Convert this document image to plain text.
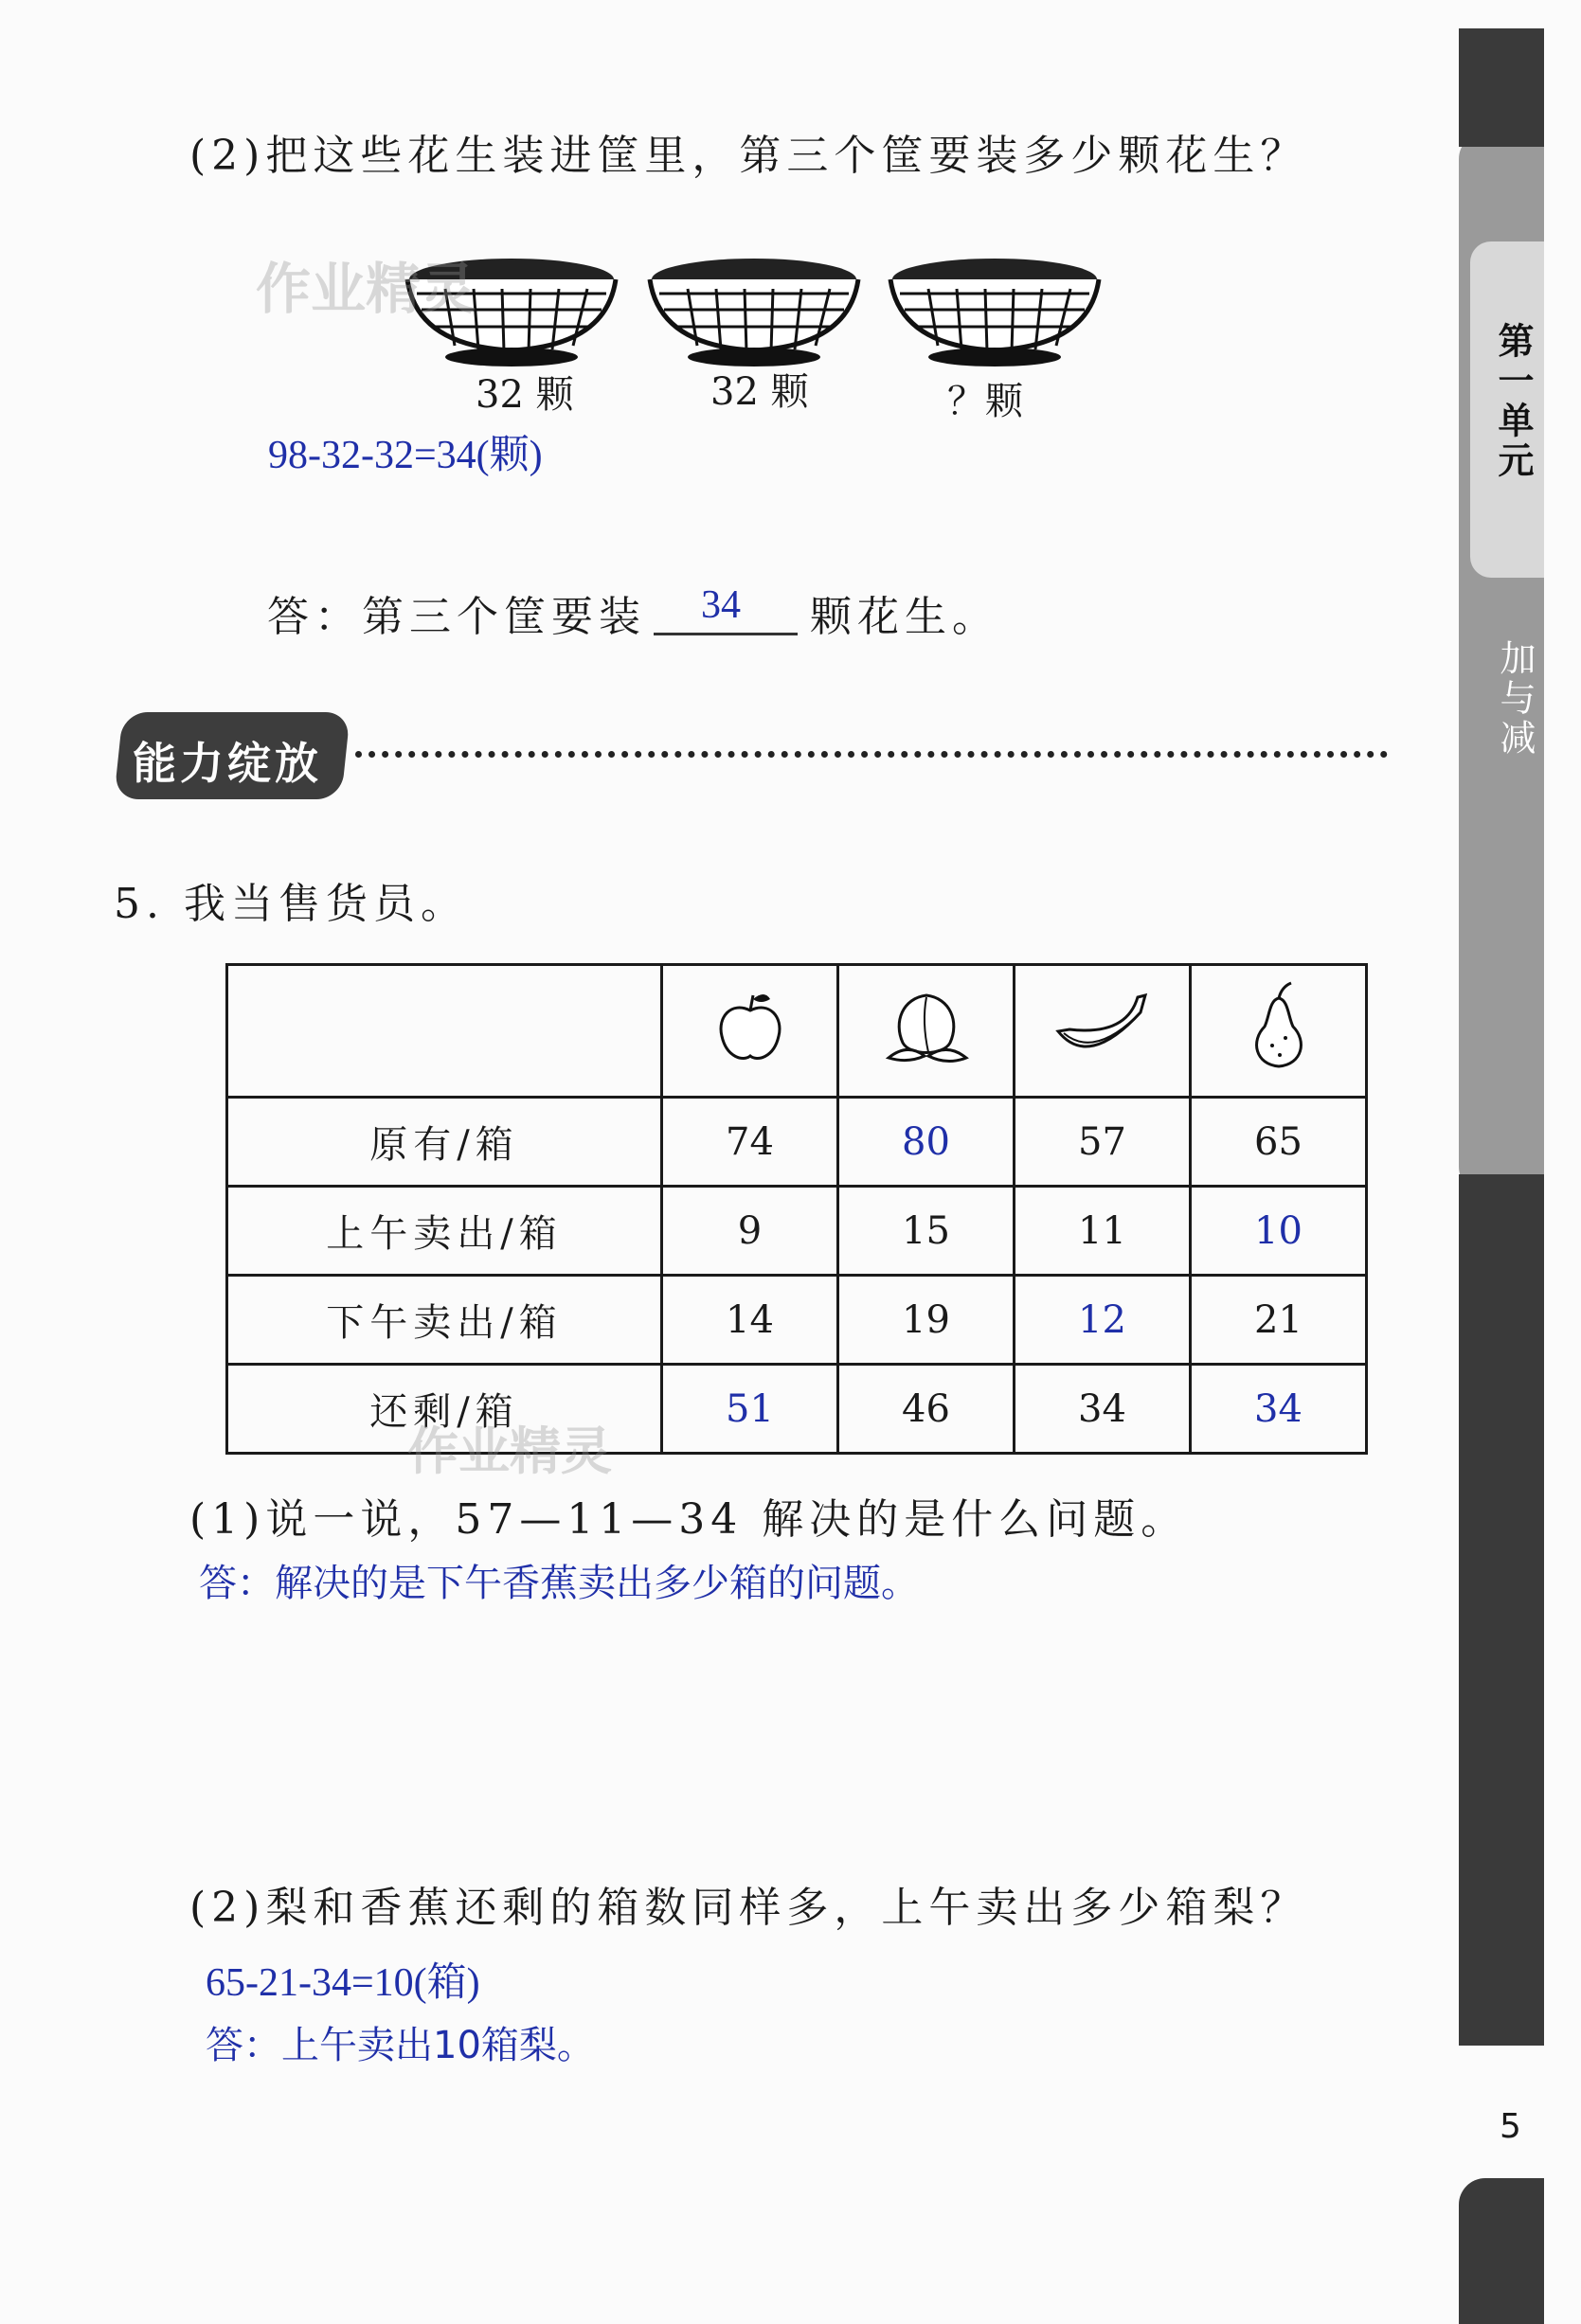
第一单元
加与减
5
(2)把这些花生装进筐里，第三个筐要装多少颗花生？
32 颗	32 颗	？颗
作业精灵
98-32-32=34(颗)
答：第三个筐要装 34 颗花生。
能力绽放
5. 我当售货员。

原有/箱	74	80	57	65
上午卖出/箱	9	15	11	10
下午卖出/箱	14	19	12	21
还剩/箱	51	46	34	34
作业精灵
(1)说一说，57—11—34 解决的是什么问题。
答：解决的是下午香蕉卖出多少箱的问题。
(2)梨和香蕉还剩的箱数同样多，上午卖出多少箱梨？
65-21-34=10(箱)
答：上午卖出10箱梨。
